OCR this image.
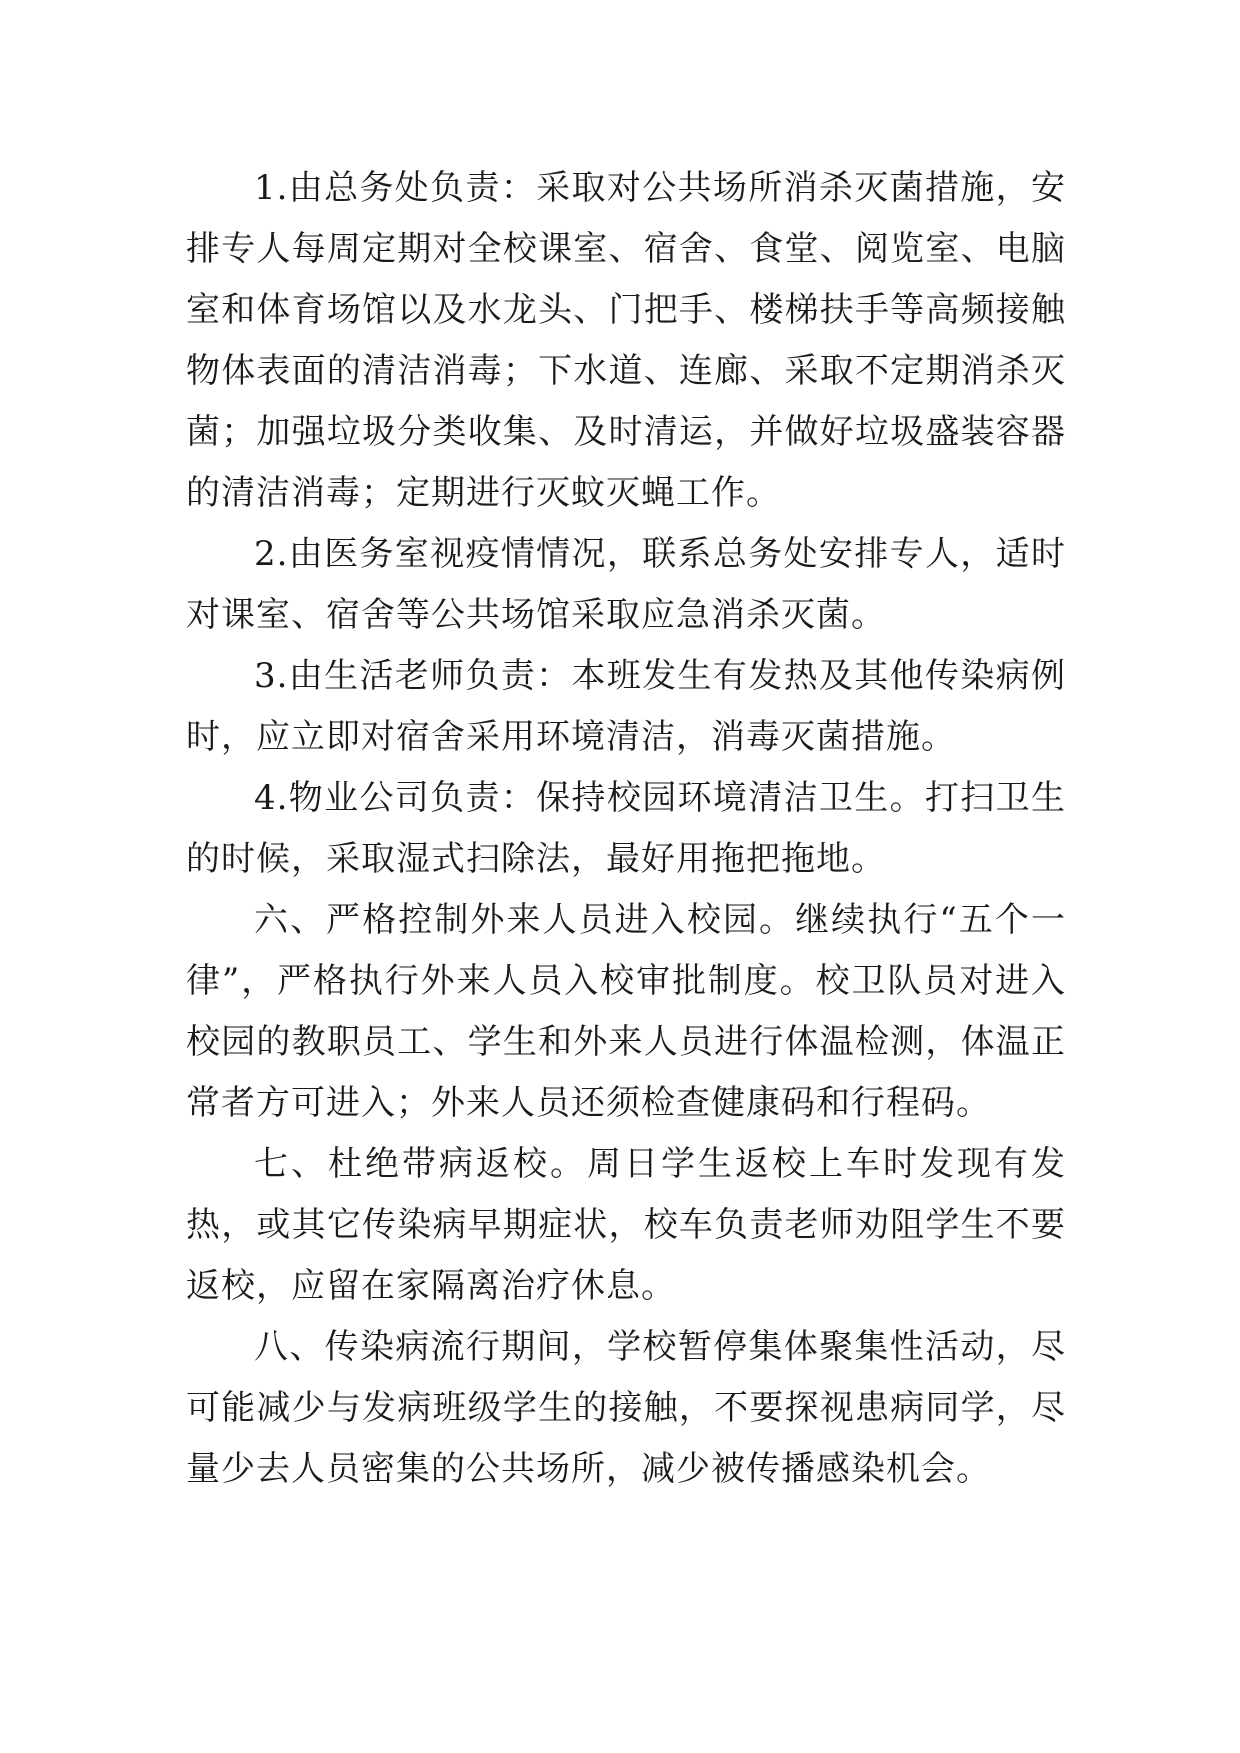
1.由总务处负责：采取对公共场所消杀灭菌措施，安排专人每周定期对全校课室、宿舍、食堂、阅览室、电脑室和体育场馆以及水龙头、门把手、楼梯扶手等高频接触物体表面的清洁消毒；下水道、连廊、采取不定期消杀灭菌；加强垃圾分类收集、及时清运，并做好垃圾盛装容器的清洁消毒；定期进行灭蚊灭蝇工作。

2.由医务室视疫情情况，联系总务处安排专人，适时对课室、宿舍等公共场馆采取应急消杀灭菌。

3.由生活老师负责：本班发生有发热及其他传染病例时，应立即对宿舍采用环境清洁，消毒灭菌措施。

4.物业公司负责：保持校园环境清洁卫生。打扫卫生的时候，采取湿式扫除法，最好用拖把拖地。

六、严格控制外来人员进入校园。继续执行“五个一律”，严格执行外来人员入校审批制度。校卫队员对进入校园的教职员工、学生和外来人员进行体温检测，体温正常者方可进入；外来人员还须检查健康码和行程码。

七、杜绝带病返校。周日学生返校上车时发现有发热，或其它传染病早期症状，校车负责老师劝阻学生不要返校，应留在家隔离治疗休息。

八、传染病流行期间，学校暂停集体聚集性活动，尽可能减少与发病班级学生的接触，不要探视患病同学，尽量少去人员密集的公共场所，减少被传播感染机会。
